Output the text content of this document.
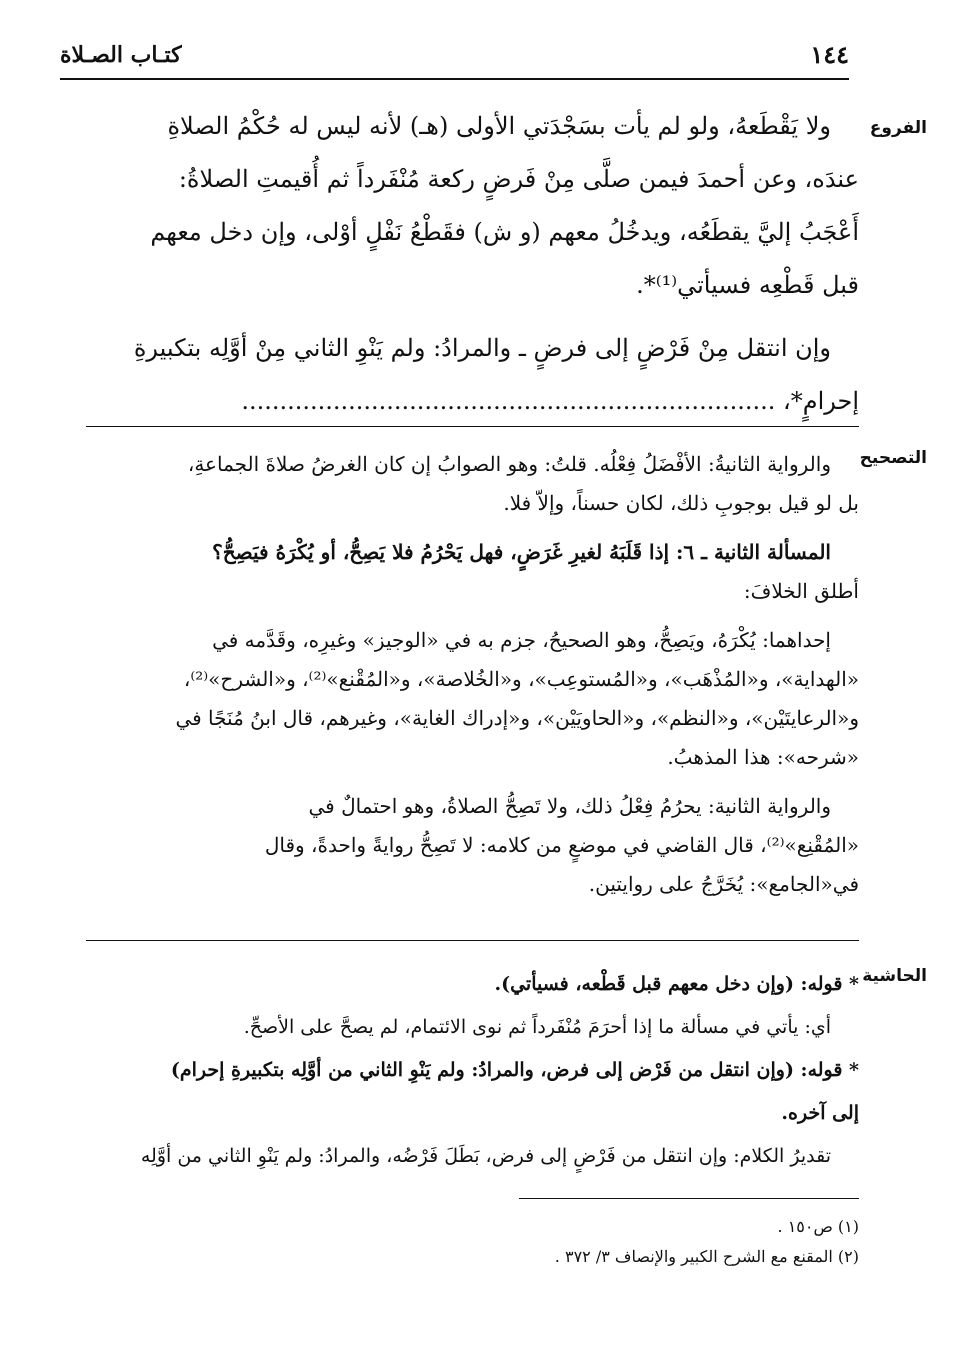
١٤٤
كتـاب الصـلاة
الفروع
ولا يَقْطَعهُ، ولو لم يأت بسَجْدَتي الأولى (هـ) لأنه ليس له حُكْمُ الصلاةِ
عندَه، وعن أحمدَ فيمن صلَّى مِنْ فَرضٍ ركعة مُنْفَرداً ثم أُقيمتِ الصلاةُ:
أَعْجَبُ إليَّ يقطَعُه، ويدخُلُ معهم (و ش) فقَطْعُ نَفْلٍ أوْلى، وإن دخل معهم
قبل قَطْعِه فسيأتي⁽¹⁾*.
وإن انتقل مِنْ فَرْضٍ إلى فرضٍ ـ والمرادُ: ولم يَنْوِ الثاني مِنْ أوَّلِه بتكبيرةِ
إحرامٍ*، ......................................................................
التصحيح
والرواية الثانيةُ: الأفْضَلُ فِعْلُه. قلتُ: وهو الصوابُ إن كان الغرضُ صلاةَ الجماعةِ،
بل لو قيل بوجوبِ ذلك، لكان حسناً، وإلاّ فلا.
المسألة الثانية ـ ٦: إذا قَلَبَهُ لغيرِ غَرَضٍ، فهل يَحْرُمُ فلا يَصِحُّ، أو يُكْرَهُ فيَصِحُّ؟
أطلق الخلافَ:
إحداهما: يُكْرَهُ، ويَصِحُّ، وهو الصحيحُ، جزم به في «الوجيز» وغيرِه، وقَدَّمه في
«الهداية»، و«المُذْهَب»، و«المُستوعِب»، و«الخُلاصة»، و«المُقْنع»⁽²⁾، و«الشرح»⁽²⁾،
و«الرعايتَيْن»، و«النظم»، و«الحاويَيْن»، و«إدراك الغاية»، وغيرهم، قال ابنُ مُنَجًا في
«شرحه»: هذا المذهبُ.
والرواية الثانية: يحرُمُ فِعْلُ ذلك، ولا تَصِحُّ الصلاةُ، وهو احتمالٌ في
«المُقْنِع»⁽²⁾، قال القاضي في موضعٍ من كلامه: لا تَصِحُّ روايةً واحدةً، وقال
في«الجامع»: يُخَرَّجُ على روايتين.
الحاشية
* قوله: (وإن دخل معهم قبل قَطْعه، فسيأتي).
أي: يأتي في مسألة ما إذا أحرَمَ مُنْفَرداً ثم نوى الائتمام، لم يصحَّ على الأصحِّ.
* قوله: (وإن انتقل من فَرْض إلى فرض، والمرادُ: ولم يَنْوِ الثاني من أوَّلِه بتكبيرةِ إحرام)
إلى آخره.
تقديرُ الكلام: وإن انتقل من فَرْضٍ إلى فرض، بَطَلَ فَرْضُه، والمرادُ: ولم يَنْوِ الثاني من أوَّلِه
(١) ص١٥٠ .
(٢) المقنع مع الشرح الكبير والإنصاف ٣/ ٣٧٢ .
